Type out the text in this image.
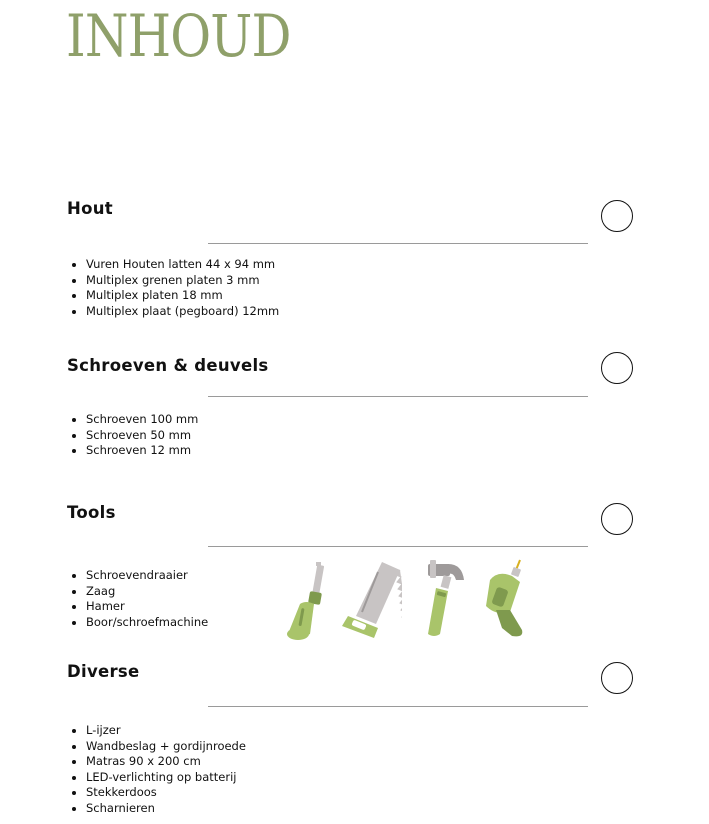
INHOUD
Hout
• Vuren Houten latten 44 x 94 mm
• Multiplex grenen platen 3 mm
• Multiplex platen 18 mm
• Multiplex plaat (pegboard) 12mm
Schroeven & deuvels
• Schroeven 100 mm
• Schroeven 50 mm
• Schroeven 12 mm
Tools
• Schroevendraaier
• Zaag
• Hamer
• Boor/schroefmachine
Diverse
• L-ijzer
• Wandbeslag + gordijnroede
• Matras 90 x 200 cm
• LED-verlichting op batterij
• Stekkerdoos
• Scharnieren
